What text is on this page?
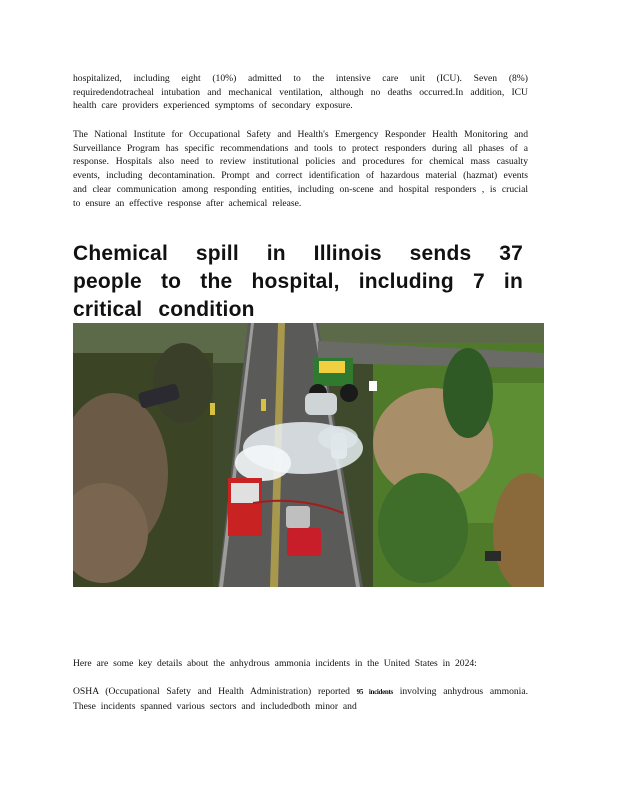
hospitalized, including eight (10%) admitted to the intensive care unit (ICU). Seven (8%) requiredendotracheal intubation and mechanical ventilation, although no deaths occurred.In addition, ICU health care providers experienced symptoms of secondary exposure.

The National Institute for Occupational Safety and Health's Emergency Responder Health Monitoring and Surveillance Program has specific recommendations and tools to protect responders during all phases of a response. Hospitals also need to review institutional policies and procedures for chemical mass casualty events, including decontamination. Prompt and correct identification of hazardous material (hazmat) events and clear communication among responding entities, including on-scene and hospital responders , is crucial to ensure an effective response after achemical release.

Chemical spill in Illinois sends 37 people to the hospital, including 7 in critical condition

Here are some key details about the anhydrous ammonia incidents in the United States in 2024:

OSHA (Occupational Safety and Health Administration) reported 95 incidents involving anhydrous ammonia. These incidents spanned various sectors and includedboth minor and
